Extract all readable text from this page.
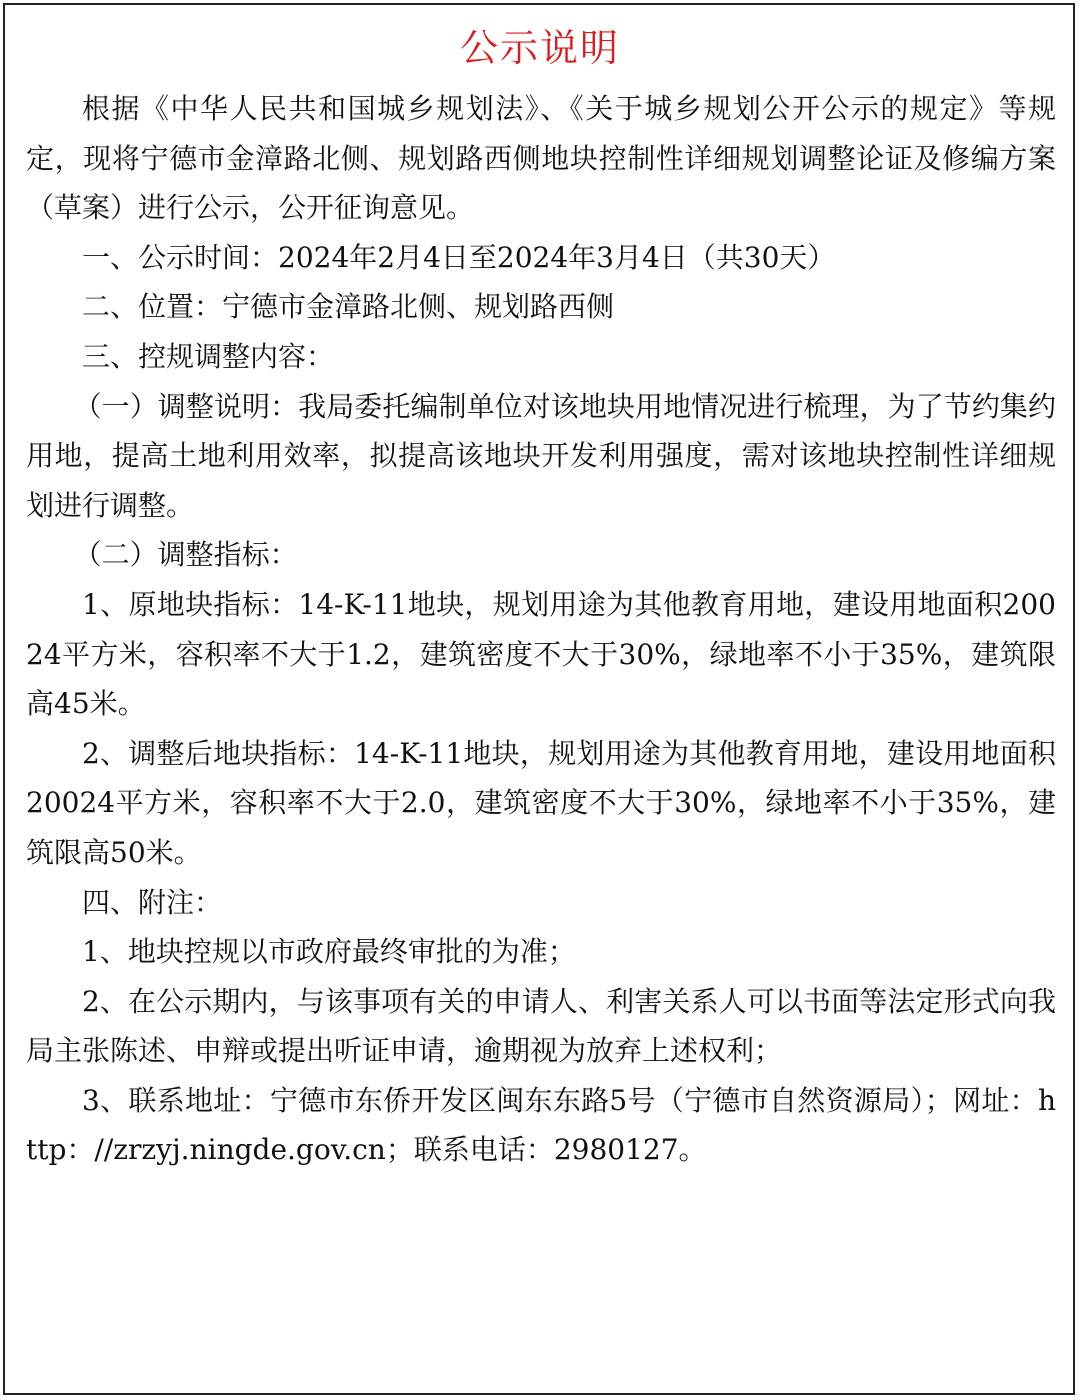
公示说明

根据《中华人民共和国城乡规划法》、《关于城乡规划公开公示的规定》等规定，现将宁德市金漳路北侧、规划路西侧地块控制性详细规划调整论证及修编方案（草案）进行公示，公开征询意见。

一、公示时间：2024年2月4日至2024年3月4日（共30天）

二、位置：宁德市金漳路北侧、规划路西侧

三、控规调整内容：

（一）调整说明：我局委托编制单位对该地块用地情况进行梳理，为了节约集约用地，提高土地利用效率，拟提高该地块开发利用强度，需对该地块控制性详细规划进行调整。

（二）调整指标：

1、原地块指标：14-K-11地块，规划用途为其他教育用地，建设用地面积20024平方米，容积率不大于1.2，建筑密度不大于30%，绿地率不小于35%，建筑限高45米。

2、调整后地块指标：14-K-11地块，规划用途为其他教育用地，建设用地面积20024平方米，容积率不大于2.0，建筑密度不大于30%，绿地率不小于35%，建筑限高50米。

四、附注：

1、地块控规以市政府最终审批的为准；

2、在公示期内，与该事项有关的申请人、利害关系人可以书面等法定形式向我局主张陈述、申辩或提出听证申请，逾期视为放弃上述权利；

3、联系地址：宁德市东侨开发区闽东东路5号（宁德市自然资源局）；网址：http：//zrzyj.ningde.gov.cn；联系电话：2980127。
